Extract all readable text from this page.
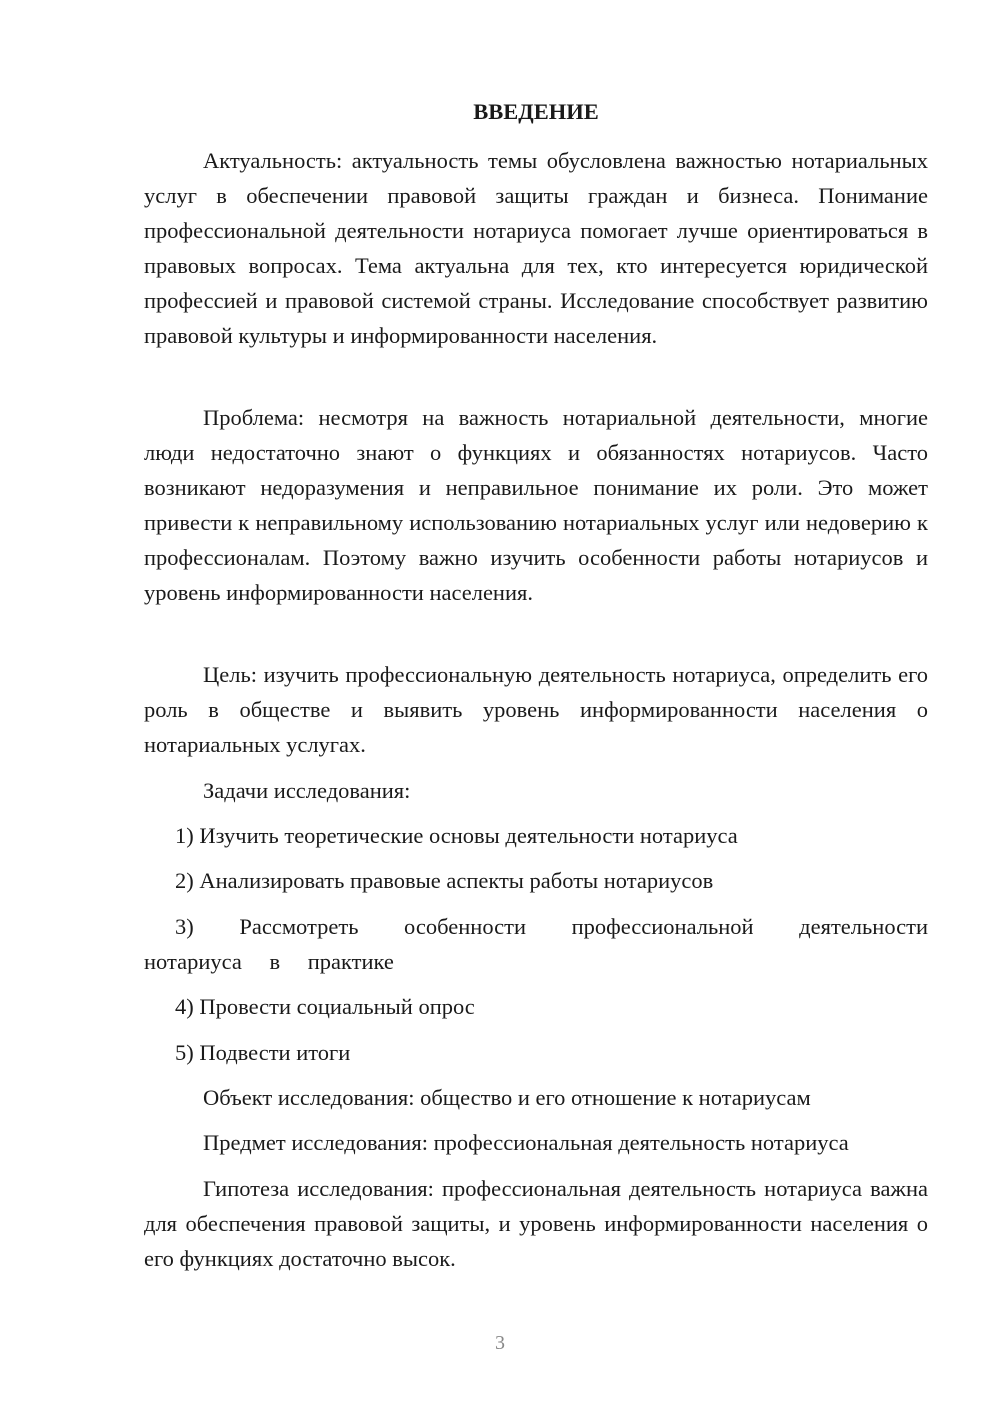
ВВЕДЕНИЕ

Актуальность: актуальность темы обусловлена важностью нотариальных услуг в обеспечении правовой защиты граждан и бизнеса. Понимание профессиональной деятельности нотариуса помогает лучше ориентироваться в правовых вопросах. Тема актуальна для тех, кто интересуется юридической профессией и правовой системой страны. Исследование способствует развитию правовой культуры и информированности населения.

Проблема: несмотря на важность нотариальной деятельности, многие люди недостаточно знают о функциях и обязанностях нотариусов. Часто возникают недоразумения и неправильное понимание их роли. Это может привести к неправильному использованию нотариальных услуг или недоверию к профессионалам. Поэтому важно изучить особенности работы нотариусов и уровень информированности населения.

Цель: изучить профессиональную деятельность нотариуса, определить его роль в обществе и выявить уровень информированности населения о нотариальных услугах.

Задачи исследования:

1) Изучить теоретические основы деятельности нотариуса

2) Анализировать правовые аспекты работы нотариусов

3) Рассмотреть особенности профессиональной деятельности нотариуса в практике

4) Провести социальный опрос

5) Подвести итоги

Объект исследования: общество и его отношение к нотариусам

Предмет исследования: профессиональная деятельность нотариуса

Гипотеза исследования: профессиональная деятельность нотариуса важна для обеспечения правовой защиты, и уровень информированности населения о его функциях достаточно высок.

3
